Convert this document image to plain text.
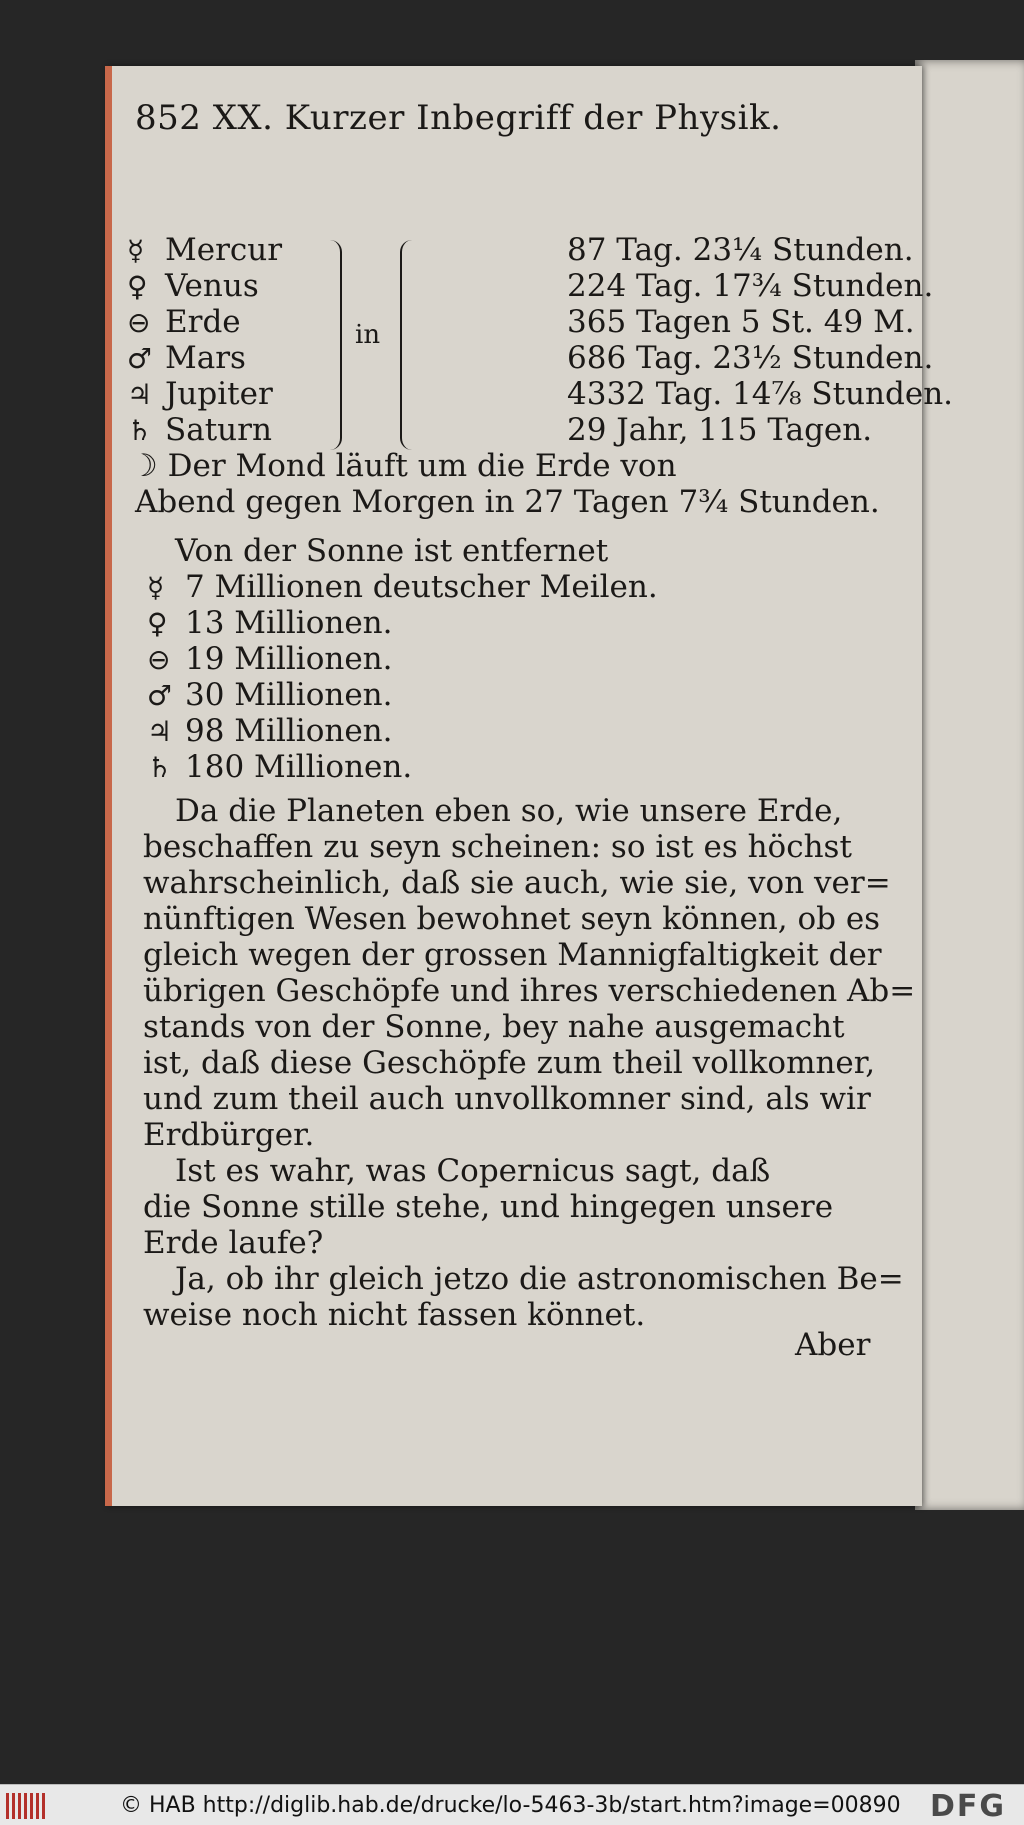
852 XX. Kurzer Inbegriff der Physik.
☿ Mercur	87 Tag. 23¼ Stunden.
♀ Venus	224 Tag. 17¾ Stunden.
⊖ Erde	365 Tagen 5 St. 49 M.
♂ Mars	686 Tag. 23½ Stunden.
♃ Jupiter	4332 Tag. 14⅞ Stunden.
♄ Saturn	29 Jahr, 115 Tagen.
in
☽ Der Mond läuft um die Erde von
Abend gegen Morgen in 27 Tagen 7¾ Stunden.
Von der Sonne ist entfernet
☿ 7 Millionen deutscher Meilen.
♀ 13 Millionen.
⊖ 19 Millionen.
♂ 30 Millionen.
♃ 98 Millionen.
♄ 180 Millionen.
Da die Planeten eben so, wie unsere Erde,
beschaffen zu seyn scheinen: so ist es höchst
wahrscheinlich, daß sie auch, wie sie, von ver=
nünftigen Wesen bewohnet seyn können, ob es
gleich wegen der grossen Mannigfaltigkeit der
übrigen Geschöpfe und ihres verschiedenen Ab=
stands von der Sonne, bey nahe ausgemacht
ist, daß diese Geschöpfe zum theil vollkomner,
und zum theil auch unvollkomner sind, als wir
Erdbürger.
Ist es wahr, was Copernicus sagt, daß
die Sonne stille stehe, und hingegen unsere
Erde laufe?
Ja, ob ihr gleich jetzo die astronomischen Be=
weise noch nicht fassen könnet.
Aber
© HAB http://diglib.hab.de/drucke/lo-5463-3b/start.htm?image=00890 DFG
